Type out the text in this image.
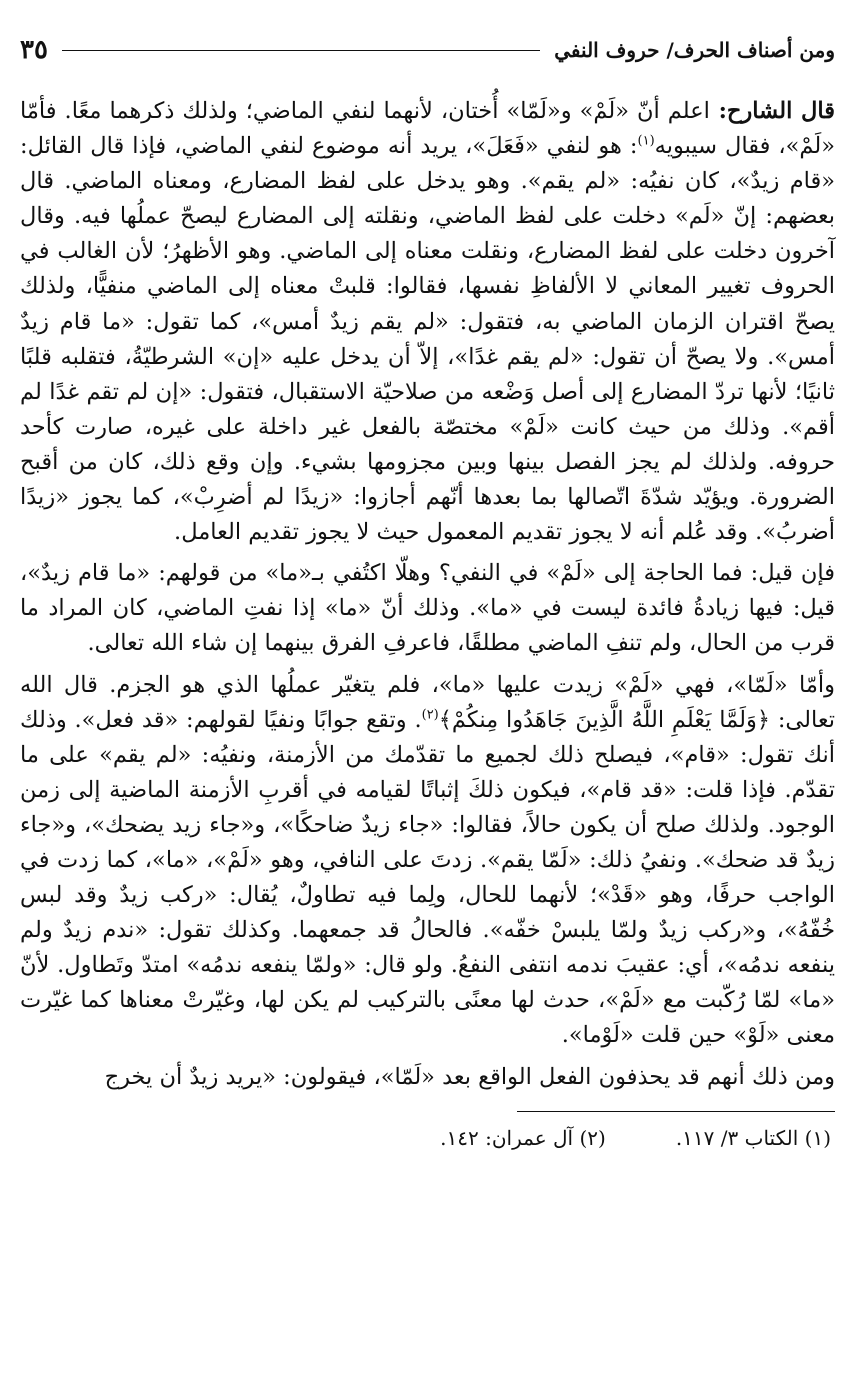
ومن أصناف الحرف/ حروف النفي
٣٥

قال الشارح: اعلم أنّ «لَمْ» و«لَمّا» أُختان، لأنهما لنفي الماضي؛ ولذلك ذكرهما معًا. فأمّا «لَمْ»، فقال سيبويه$^{(١)}$: هو لنفي «فَعَلَ»، يريد أنه موضوع لنفي الماضي، فإذا قال القائل: «قام زيدٌ»، كان نفيُه: «لم يقم». وهو يدخل على لفظ المضارع، ومعناه الماضي. قال بعضهم: إنّ «لَم» دخلت على لفظ الماضي، ونقلته إلى المضارع ليصحّ عملُها فيه. وقال آخرون دخلت على لفظ المضارع، ونقلت معناه إلى الماضي. وهو الأظهرُ؛ لأن الغالب في الحروف تغيير المعاني لا الألفاظِ نفسها، فقالوا: قلبتْ معناه إلى الماضي منفيًّا، ولذلك يصحّ اقتران الزمان الماضي به، فتقول: «لم يقم زيدٌ أمس»، كما تقول: «ما قام زيدٌ أمس». ولا يصحّ أن تقول: «لم يقم غدًا»، إلاّ أن يدخل عليه «إن» الشرطيّةُ، فتقلبه قلبًا ثانيًا؛ لأنها تردّ المضارع إلى أصل وَضْعه من صلاحيّة الاستقبال، فتقول: «إن لم تقم غدًا لم أقم». وذلك من حيث كانت «لَمْ» مختصّة بالفعل غير داخلة على غيره، صارت كأحد حروفه. ولذلك لم يجز الفصل بينها وبين مجزومها بشيء. وإن وقع ذلك، كان من أقبح الضرورة. ويؤيّد شدّةَ اتّصالها بما بعدها أنّهم أجازوا: «زيدًا لم أضرِبْ»، كما يجوز «زيدًا أضربُ». وقد عُلم أنه لا يجوز تقديم المعمول حيث لا يجوز تقديم العامل.

فإن قيل: فما الحاجة إلى «لَمْ» في النفي؟ وهلّا اكتُفي بـ«ما» من قولهم: «ما قام زيدٌ»، قيل: فيها زيادةُ فائدة ليست في «ما». وذلك أنّ «ما» إذا نفتِ الماضي، كان المراد ما قرب من الحال، ولم تنفِ الماضي مطلقًا، فاعرفِ الفرق بينهما إن شاء الله تعالى.

وأمّا «لَمّا»، فهي «لَمْ» زيدت عليها «ما»، فلم يتغيّر عملُها الذي هو الجزم. قال الله تعالى: ﴿وَلَمَّا يَعْلَمِ اللَّهُ الَّذِينَ جَاهَدُوا مِنكُمْ﴾$^{(٢)}$. وتقع جوابًا ونفيًا لقولهم: «قد فعل». وذلك أنك تقول: «قام»، فيصلح ذلك لجميع ما تقدّمك من الأزمنة، ونفيُه: «لم يقم» على ما تقدّم. فإذا قلت: «قد قام»، فيكون ذلكَ إثباتًا لقيامه في أقربِ الأزمنة الماضية إلى زمن الوجود. ولذلك صلح أن يكون حالاً، فقالوا: «جاء زيدٌ ضاحكًا»، و«جاء زيد يضحك»، و«جاء زيدٌ قد ضحك». ونفيُ ذلك: «لَمّا يقم». زدتَ على النافي، وهو «لَمْ»، «ما»، كما زدت في الواجب حرفًا، وهو «قَدْ»؛ لأنهما للحال، ولِما فيه تطاولٌ، يُقال: «ركب زيدٌ وقد لبس خُفّهُ»، و«ركب زيدٌ ولمّا يلبسْ خفّه». فالحالُ قد جمعهما. وكذلك تقول: «ندم زيدٌ ولم ينفعه ندمُه»، أي: عقيبَ ندمه انتفى النفعُ. ولو قال: «ولمّا ينفعه ندمُه» امتدّ وتَطاول. لأنّ «ما» لمّا رُكّبت مع «لَمْ»، حدث لها معنًى بالتركيب لم يكن لها، وغيّرتْ معناها كما غيّرت معنى «لَوْ» حين قلت «لَوْما».

ومن ذلك أنهم قد يحذفون الفعل الواقع بعد «لَمّا»، فيقولون: «يريد زيدٌ أن يخرج

(١) الكتاب ٣/ ١١٧.
(٢) آل عمران: ١٤٢.
